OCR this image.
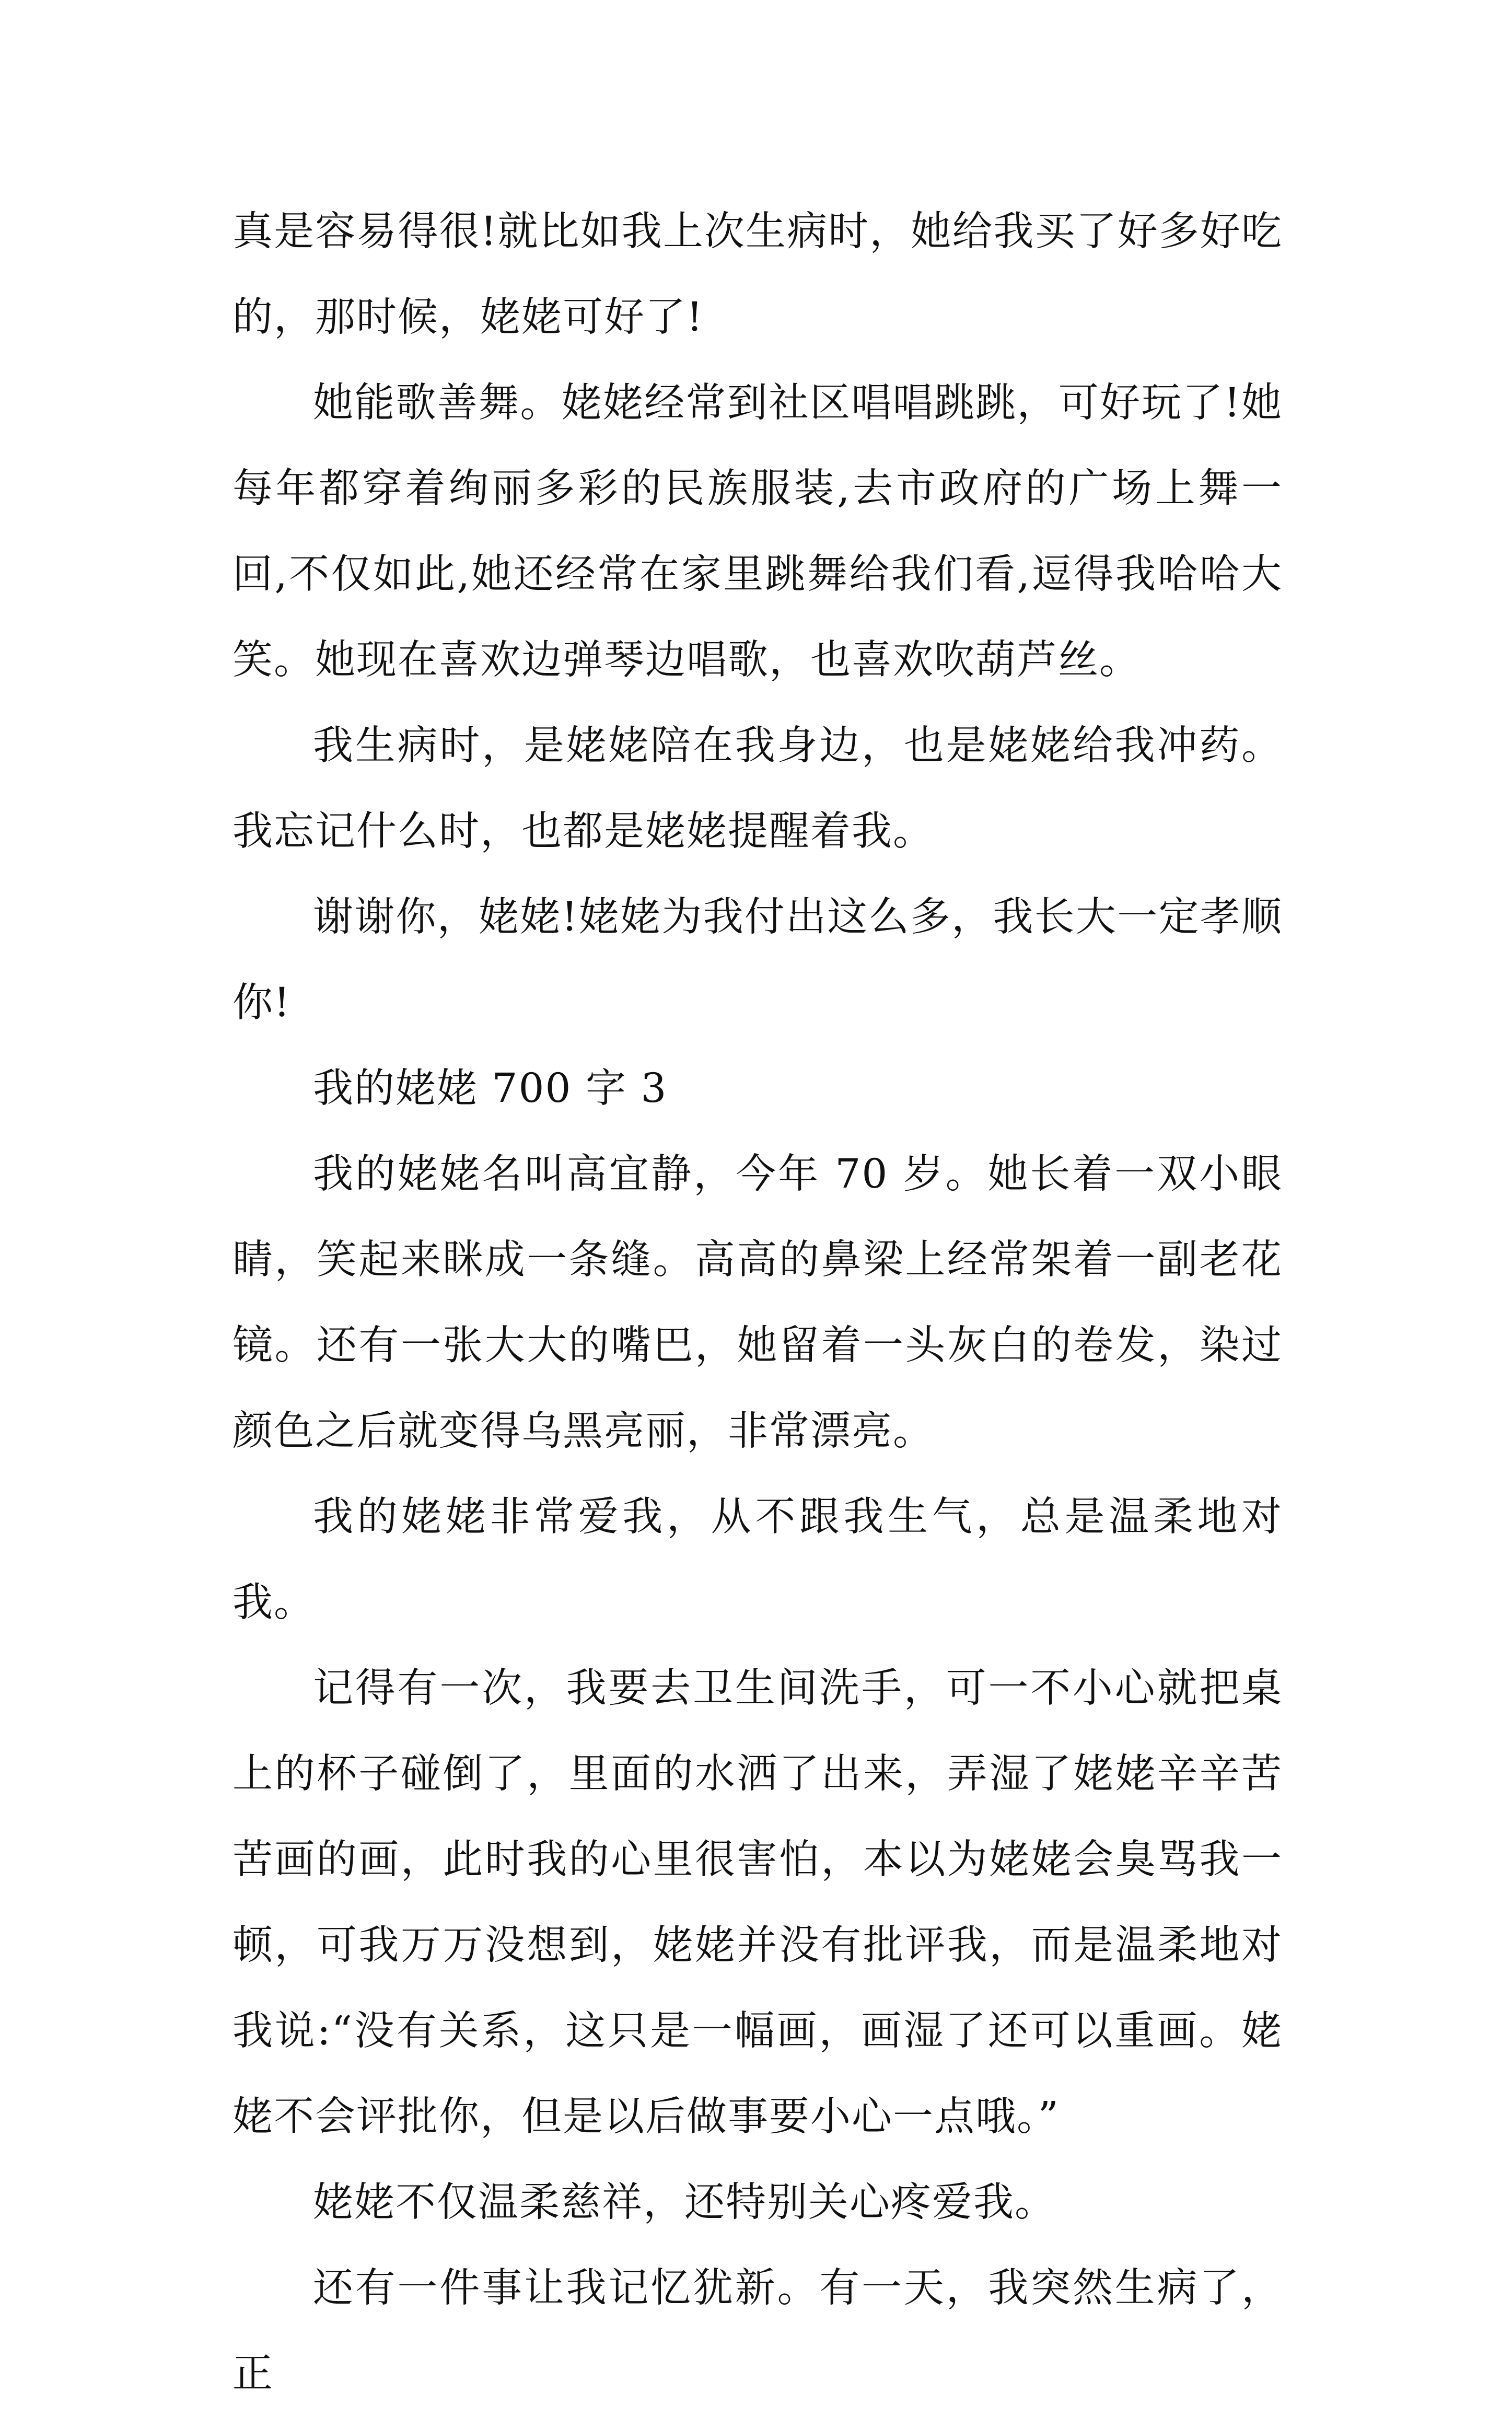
真是容易得很!就比如我上次生病时，她给我买了好多好吃的，那时候，姥姥可好了!

她能歌善舞。姥姥经常到社区唱唱跳跳，可好玩了!她每年都穿着绚丽多彩的民族服装,去市政府的广场上舞一回,不仅如此,她还经常在家里跳舞给我们看,逗得我哈哈大笑。她现在喜欢边弹琴边唱歌，也喜欢吹葫芦丝。

我生病时，是姥姥陪在我身边，也是姥姥给我冲药。我忘记什么时，也都是姥姥提醒着我。

谢谢你，姥姥!姥姥为我付出这么多，我长大一定孝顺你!

我的姥姥 700 字 3

我的姥姥名叫高宜静，今年 70 岁。她长着一双小眼睛，笑起来眯成一条缝。高高的鼻梁上经常架着一副老花镜。还有一张大大的嘴巴，她留着一头灰白的卷发，染过颜色之后就变得乌黑亮丽，非常漂亮。

我的姥姥非常爱我，从不跟我生气，总是温柔地对我。

记得有一次，我要去卫生间洗手，可一不小心就把桌上的杯子碰倒了，里面的水洒了出来，弄湿了姥姥辛辛苦苦画的画，此时我的心里很害怕，本以为姥姥会臭骂我一顿，可我万万没想到，姥姥并没有批评我，而是温柔地对我说:“没有关系，这只是一幅画，画湿了还可以重画。姥姥不会评批你，但是以后做事要小心一点哦。”

姥姥不仅温柔慈祥，还特别关心疼爱我。

还有一件事让我记忆犹新。有一天，我突然生病了，正
